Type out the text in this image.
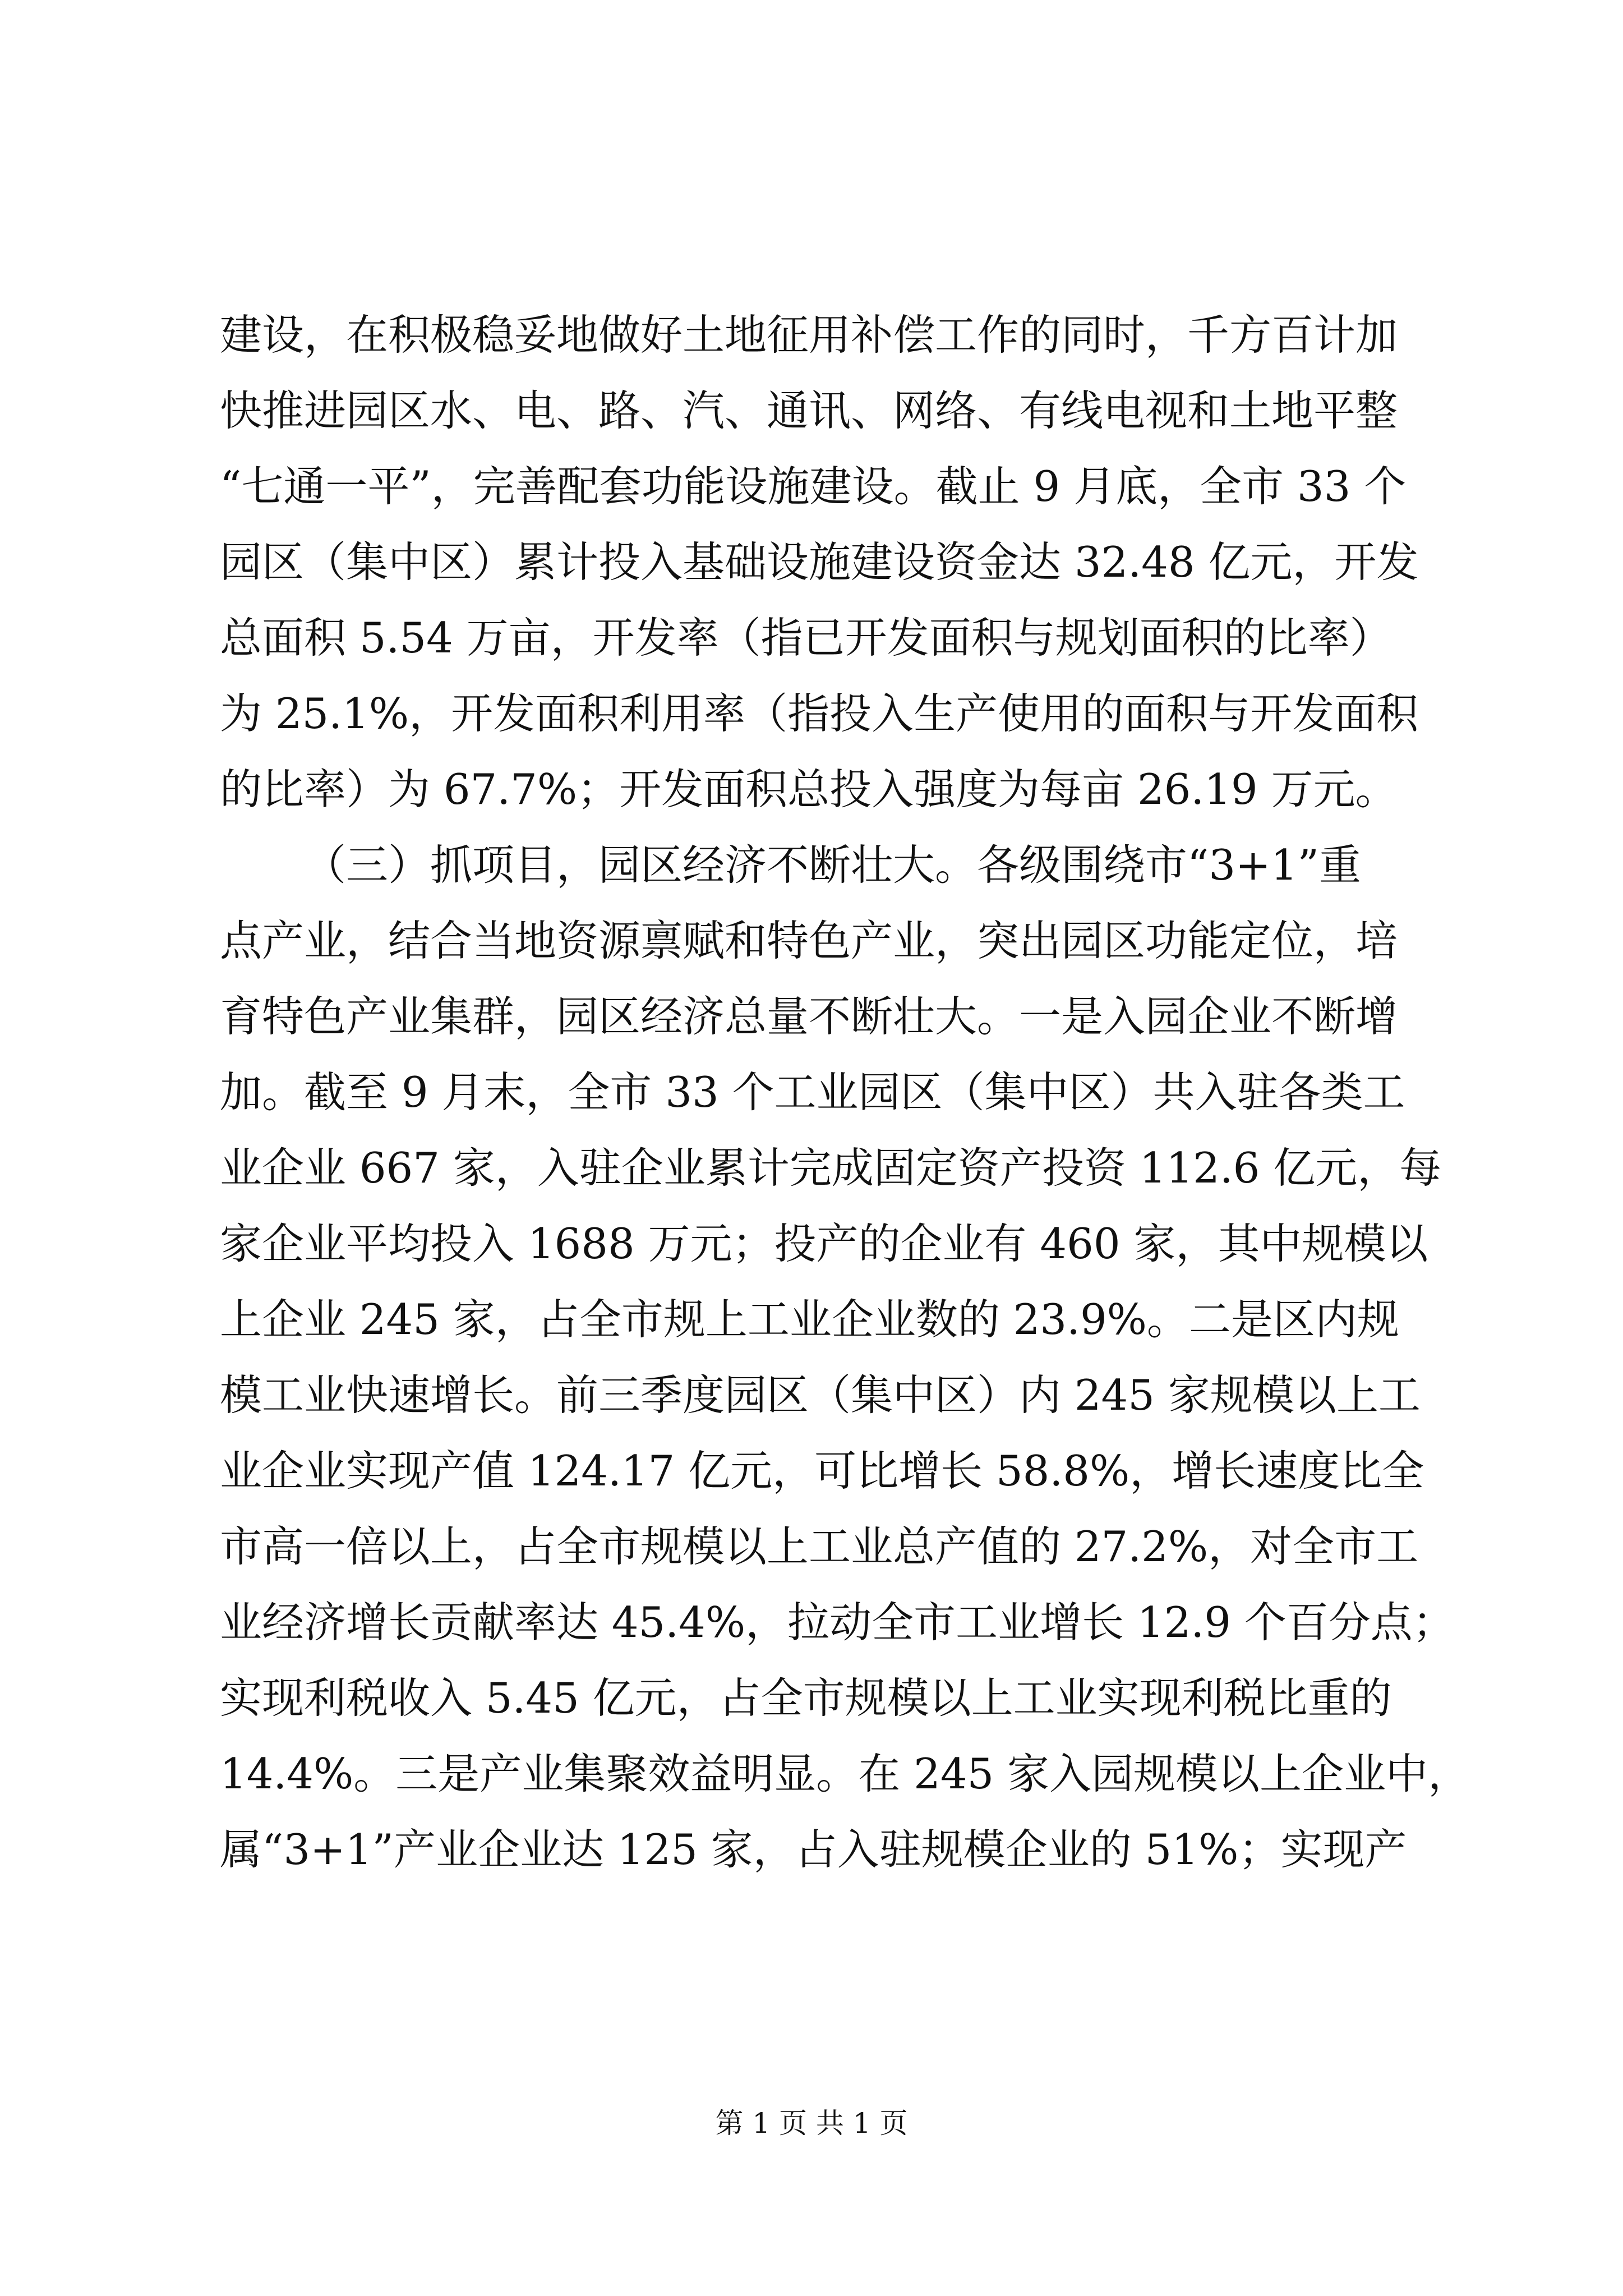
建设，在积极稳妥地做好土地征用补偿工作的同时，千方百计加
快推进园区水、电、路、汽、通讯、网络、有线电视和土地平整
“七通一平”，完善配套功能设施建设。截止 9 月底，全市 33 个
园区（集中区）累计投入基础设施建设资金达 32.48 亿元，开发
总面积 5.54 万亩，开发率（指已开发面积与规划面积的比率）
为 25.1%，开发面积利用率（指投入生产使用的面积与开发面积
的比率）为 67.7%；开发面积总投入强度为每亩 26.19 万元。
（三）抓项目，园区经济不断壮大。各级围绕市“3+1”重
点产业，结合当地资源禀赋和特色产业，突出园区功能定位，培
育特色产业集群，园区经济总量不断壮大。一是入园企业不断增
加。截至 9 月末，全市 33 个工业园区（集中区）共入驻各类工
业企业 667 家，入驻企业累计完成固定资产投资 112.6 亿元，每
家企业平均投入 1688 万元；投产的企业有 460 家，其中规模以
上企业 245 家，占全市规上工业企业数的 23.9%。二是区内规
模工业快速增长。前三季度园区（集中区）内 245 家规模以上工
业企业实现产值 124.17 亿元，可比增长 58.8%，增长速度比全
市高一倍以上，占全市规模以上工业总产值的 27.2%，对全市工
业经济增长贡献率达 45.4%，拉动全市工业增长 12.9 个百分点；
实现利税收入 5.45 亿元，占全市规模以上工业实现利税比重的
14.4%。三是产业集聚效益明显。在 245 家入园规模以上企业中，
属“3+1”产业企业达 125 家，占入驻规模企业的 51%；实现产
第 1 页 共 1 页
